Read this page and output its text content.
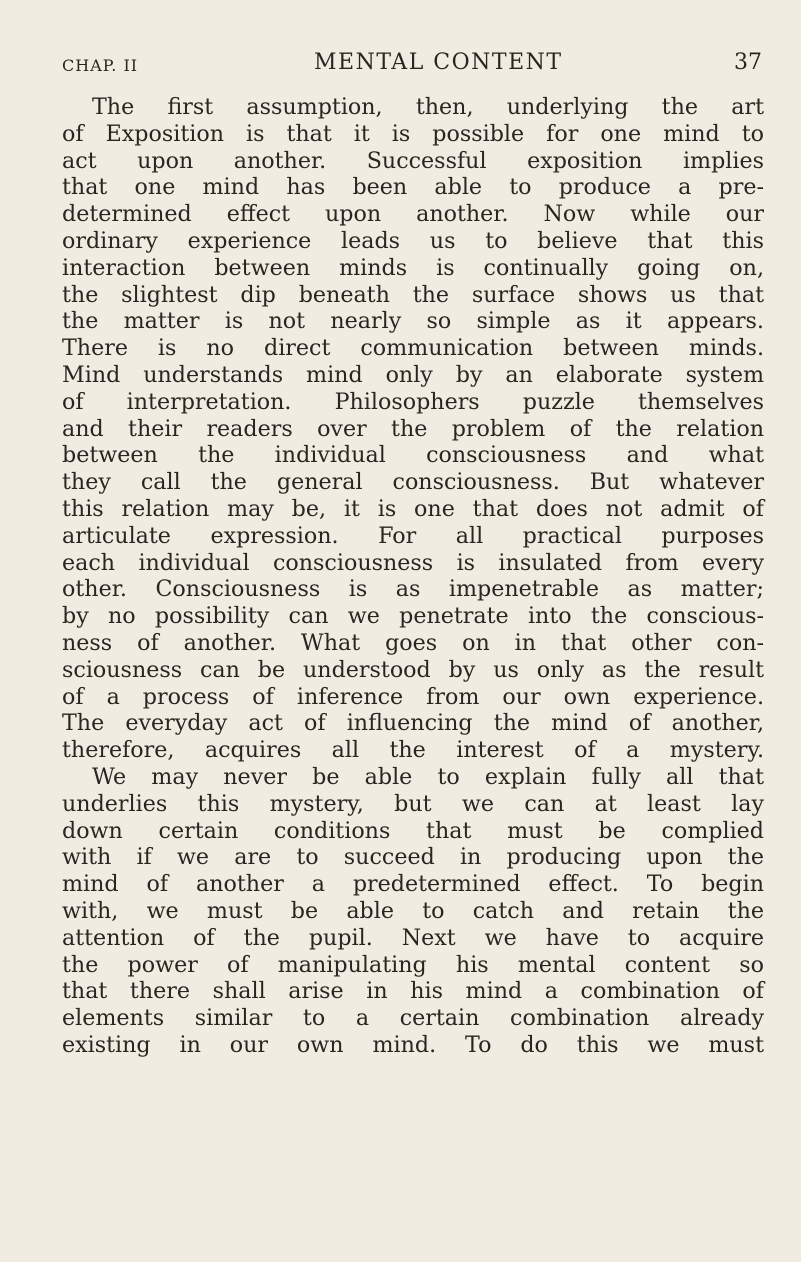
CHAP. II	MENTAL CONTENT	37
The first assumption, then, underlying the art
of Exposition is that it is possible for one mind to
act upon another. Successful exposition implies
that one mind has been able to produce a pre-
determined effect upon another. Now while our
ordinary experience leads us to believe that this
interaction between minds is continually going on,
the slightest dip beneath the surface shows us that
the matter is not nearly so simple as it appears.
There is no direct communication between minds.
Mind understands mind only by an elaborate system
of interpretation. Philosophers puzzle themselves
and their readers over the problem of the relation
between the individual consciousness and what
they call the general consciousness. But whatever
this relation may be, it is one that does not admit of
articulate expression. For all practical purposes
each individual consciousness is insulated from every
other. Consciousness is as impenetrable as matter;
by no possibility can we penetrate into the conscious-
ness of another. What goes on in that other con-
sciousness can be understood by us only as the result
of a process of inference from our own experience.
The everyday act of influencing the mind of another,
therefore, acquires all the interest of a mystery.
We may never be able to explain fully all that
underlies this mystery, but we can at least lay
down certain conditions that must be complied
with if we are to succeed in producing upon the
mind of another a predetermined effect. To begin
with, we must be able to catch and retain the
attention of the pupil. Next we have to acquire
the power of manipulating his mental content so
that there shall arise in his mind a combination of
elements similar to a certain combination already
existing in our own mind. To do this we must
